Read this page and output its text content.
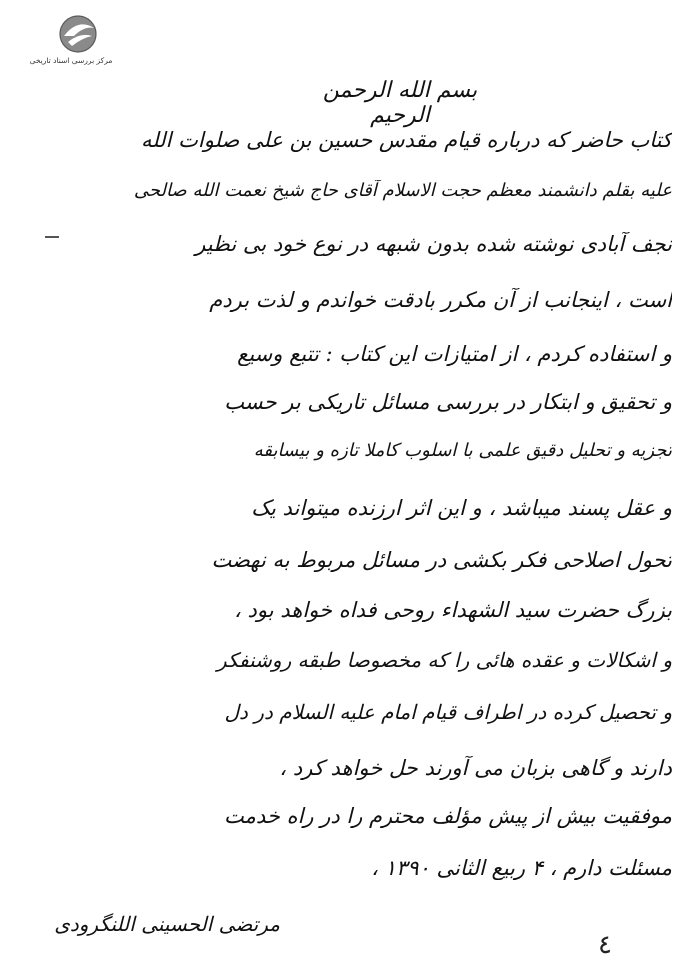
مرکز بررسی اسناد تاریخی
بسم الله الرحمن الرحیم
کتاب حاضر که درباره قیام مقدس حسین بن علی صلوات الله
علیه بقلم دانشمند معظم حجت الاسلام آقای حاج شیخ نعمت الله صالحی
نجف آبادی نوشته شده بدون شبهه در نوع خود بی نظیر
است ، اینجانب از آن مکرر بادقت خواندم و لذت بردم
و استفاده کردم ، از امتیازات این کتاب : تتبع وسیع
و تحقیق و ابتکار در بررسی مسائل تاریکی بر حسب
تجزیه و تحلیل دقیق علمی با اسلوب کاملا تازه و بیسابقه
و عقل پسند میباشد ، و این اثر ارزنده میتواند یک
تحول اصلاحی فکر بکشی در مسائل مربوط به نهضت
بزرگ حضرت سید الشهداء روحی فداه خواهد بود ،
و اشکالات و عقده هائی را که مخصوصا طبقه روشنفکر
و تحصیل کرده در اطراف قیام امام علیه السلام در دل
دارند و گاهی بزبان می آورند حل خواهد کرد ،
موفقیت بیش از پیش مؤلف محترم را در راه خدمت
مسئلت دارم ، ۴ ربیع الثانی ۱۳۹۰ ،
مرتضی الحسینی اللنگرودی
٤
